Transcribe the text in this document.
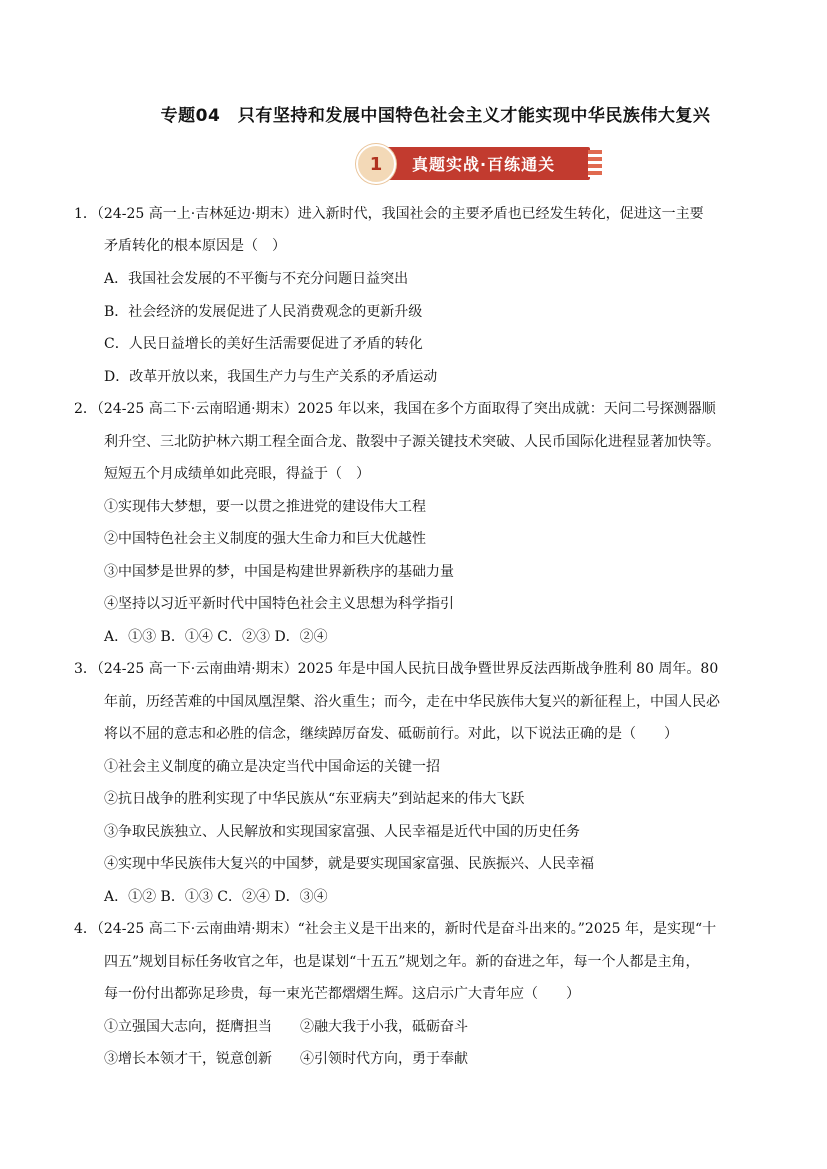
专题04　只有坚持和发展中国特色社会主义才能实现中华民族伟大复兴
1	真题实战·百练通关
1．（24-25 高一上·吉林延边·期末）进入新时代，我国社会的主要矛盾也已经发生转化，促进这一主要
矛盾转化的根本原因是（　）
A．我国社会发展的不平衡与不充分问题日益突出
B．社会经济的发展促进了人民消费观念的更新升级
C．人民日益增长的美好生活需要促进了矛盾的转化
D．改革开放以来，我国生产力与生产关系的矛盾运动
2．（24-25 高二下·云南昭通·期末）2025 年以来，我国在多个方面取得了突出成就：天问二号探测器顺
利升空、三北防护林六期工程全面合龙、散裂中子源关键技术突破、人民币国际化进程显著加快等。
短短五个月成绩单如此亮眼，得益于（　）
①实现伟大梦想，要一以贯之推进党的建设伟大工程
②中国特色社会主义制度的强大生命力和巨大优越性
③中国梦是世界的梦，中国是构建世界新秩序的基础力量
④坚持以习近平新时代中国特色社会主义思想为科学指引
A．①③ B．①④ C．②③ D．②④
3．（24-25 高一下·云南曲靖·期末）2025 年是中国人民抗日战争暨世界反法西斯战争胜利 80 周年。80
年前，历经苦难的中国凤凰涅槃、浴火重生；而今，走在中华民族伟大复兴的新征程上，中国人民必
将以不屈的意志和必胜的信念，继续踔厉奋发、砥砺前行。对此，以下说法正确的是（　　）
①社会主义制度的确立是决定当代中国命运的关键一招
②抗日战争的胜利实现了中华民族从“东亚病夫”到站起来的伟大飞跃
③争取民族独立、人民解放和实现国家富强、人民幸福是近代中国的历史任务
④实现中华民族伟大复兴的中国梦，就是要实现国家富强、民族振兴、人民幸福
A．①② B．①③ C．②④ D．③④
4．（24-25 高二下·云南曲靖·期末）“社会主义是干出来的，新时代是奋斗出来的。”2025 年，是实现“十
四五”规划目标任务收官之年，也是谋划“十五五”规划之年。新的奋进之年，每一个人都是主角，
每一份付出都弥足珍贵，每一束光芒都熠熠生辉。这启示广大青年应（　　）
①立强国大志向，挺膺担当　　②融大我于小我，砥砺奋斗
③增长本领才干，锐意创新　　④引领时代方向，勇于奉献
